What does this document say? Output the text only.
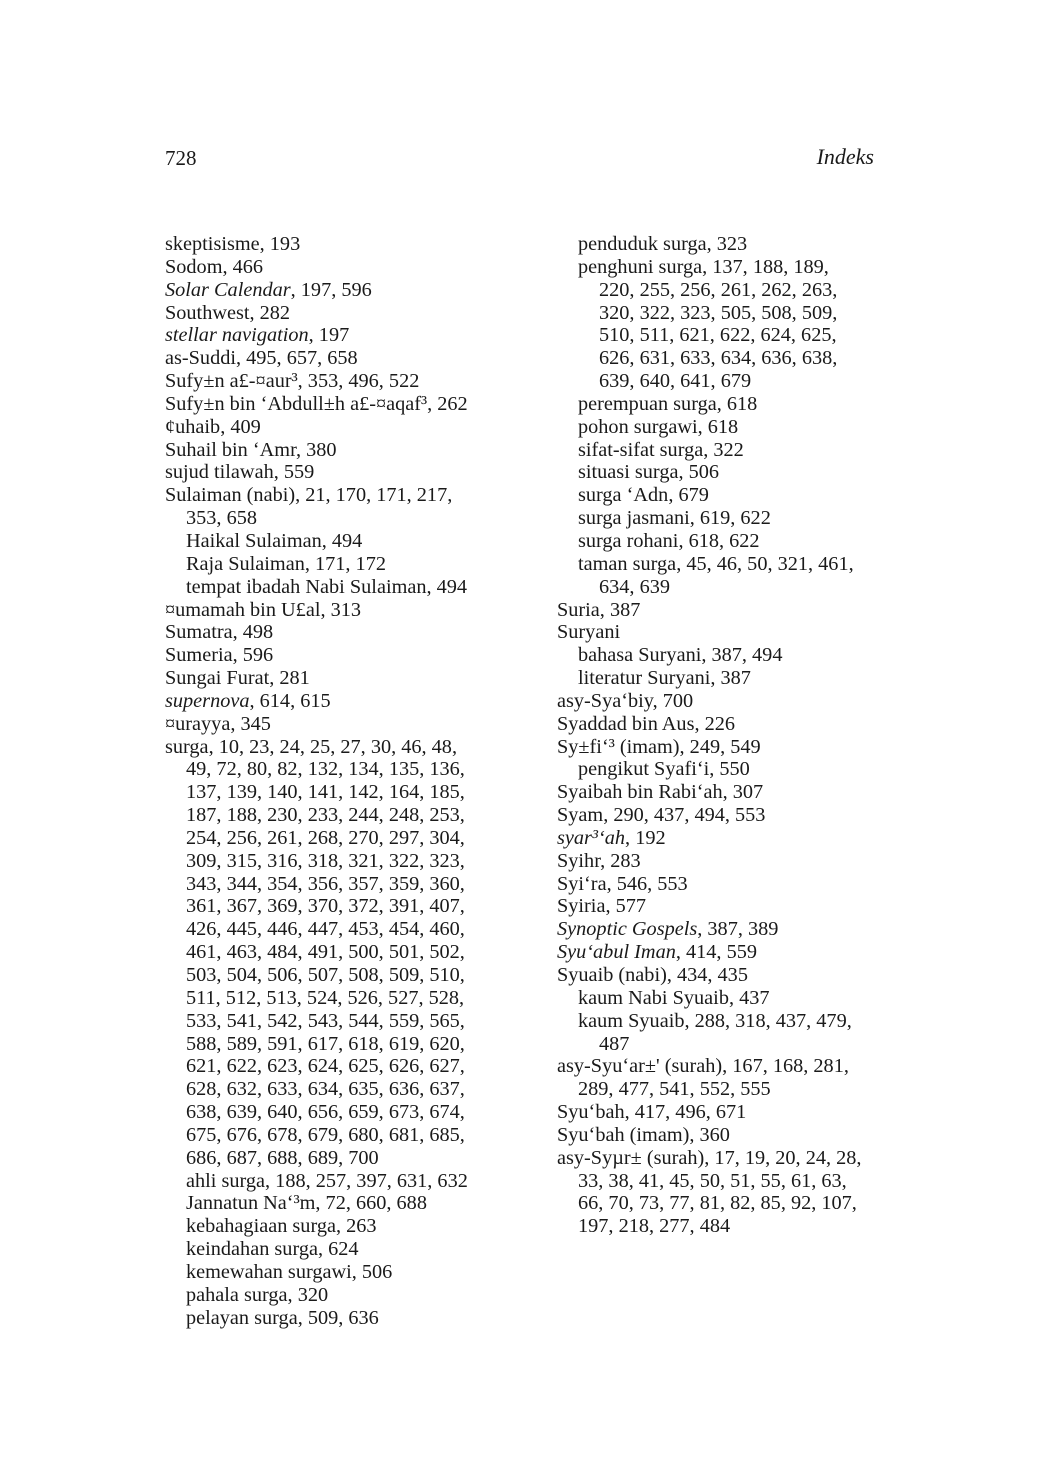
728	Indeks
skeptisisme, 193
Sodom, 466
Solar Calendar, 197, 596
Southwest, 282
stellar navigation, 197
as-Suddi, 495, 657, 658
Sufy±n a£-¤aur³, 353, 496, 522
Sufy±n bin ‘Abdull±h a£-¤aqaf³, 262
¢uhaib, 409
Suhail bin ‘Amr, 380
sujud tilawah, 559
Sulaiman (nabi), 21, 170, 171, 217,
353, 658
Haikal Sulaiman, 494
Raja Sulaiman, 171, 172
tempat ibadah Nabi Sulaiman, 494
¤umamah bin U£al, 313
Sumatra, 498
Sumeria, 596
Sungai Furat, 281
supernova, 614, 615
¤urayya, 345
surga, 10, 23, 24, 25, 27, 30, 46, 48,
49, 72, 80, 82, 132, 134, 135, 136,
137, 139, 140, 141, 142, 164, 185,
187, 188, 230, 233, 244, 248, 253,
254, 256, 261, 268, 270, 297, 304,
309, 315, 316, 318, 321, 322, 323,
343, 344, 354, 356, 357, 359, 360,
361, 367, 369, 370, 372, 391, 407,
426, 445, 446, 447, 453, 454, 460,
461, 463, 484, 491, 500, 501, 502,
503, 504, 506, 507, 508, 509, 510,
511, 512, 513, 524, 526, 527, 528,
533, 541, 542, 543, 544, 559, 565,
588, 589, 591, 617, 618, 619, 620,
621, 622, 623, 624, 625, 626, 627,
628, 632, 633, 634, 635, 636, 637,
638, 639, 640, 656, 659, 673, 674,
675, 676, 678, 679, 680, 681, 685,
686, 687, 688, 689, 700
ahli surga, 188, 257, 397, 631, 632
Jannatun Na‘³m, 72, 660, 688
kebahagiaan surga, 263
keindahan surga, 624
kemewahan surgawi, 506
pahala surga, 320
pelayan surga, 509, 636
penduduk surga, 323
penghuni surga, 137, 188, 189,
220, 255, 256, 261, 262, 263,
320, 322, 323, 505, 508, 509,
510, 511, 621, 622, 624, 625,
626, 631, 633, 634, 636, 638,
639, 640, 641, 679
perempuan surga, 618
pohon surgawi, 618
sifat-sifat surga, 322
situasi surga, 506
surga ‘Adn, 679
surga jasmani, 619, 622
surga rohani, 618, 622
taman surga, 45, 46, 50, 321, 461,
634, 639
Suria, 387
Suryani
bahasa Suryani, 387, 494
literatur Suryani, 387
asy-Sya‘biy, 700
Syaddad bin Aus, 226
Sy±fi‘³ (imam), 249, 549
pengikut Syafi‘i, 550
Syaibah bin Rabi‘ah, 307
Syam, 290, 437, 494, 553
syar³‘ah, 192
Syihr, 283
Syi‘ra, 546, 553
Syiria, 577
Synoptic Gospels, 387, 389
Syu‘abul Iman, 414, 559
Syuaib (nabi), 434, 435
kaum Nabi Syuaib, 437
kaum Syuaib, 288, 318, 437, 479,
487
asy-Syu‘ar±' (surah), 167, 168, 281,
289, 477, 541, 552, 555
Syu‘bah, 417, 496, 671
Syu‘bah (imam), 360
asy-Syµr± (surah), 17, 19, 20, 24, 28,
33, 38, 41, 45, 50, 51, 55, 61, 63,
66, 70, 73, 77, 81, 82, 85, 92, 107,
197, 218, 277, 484
